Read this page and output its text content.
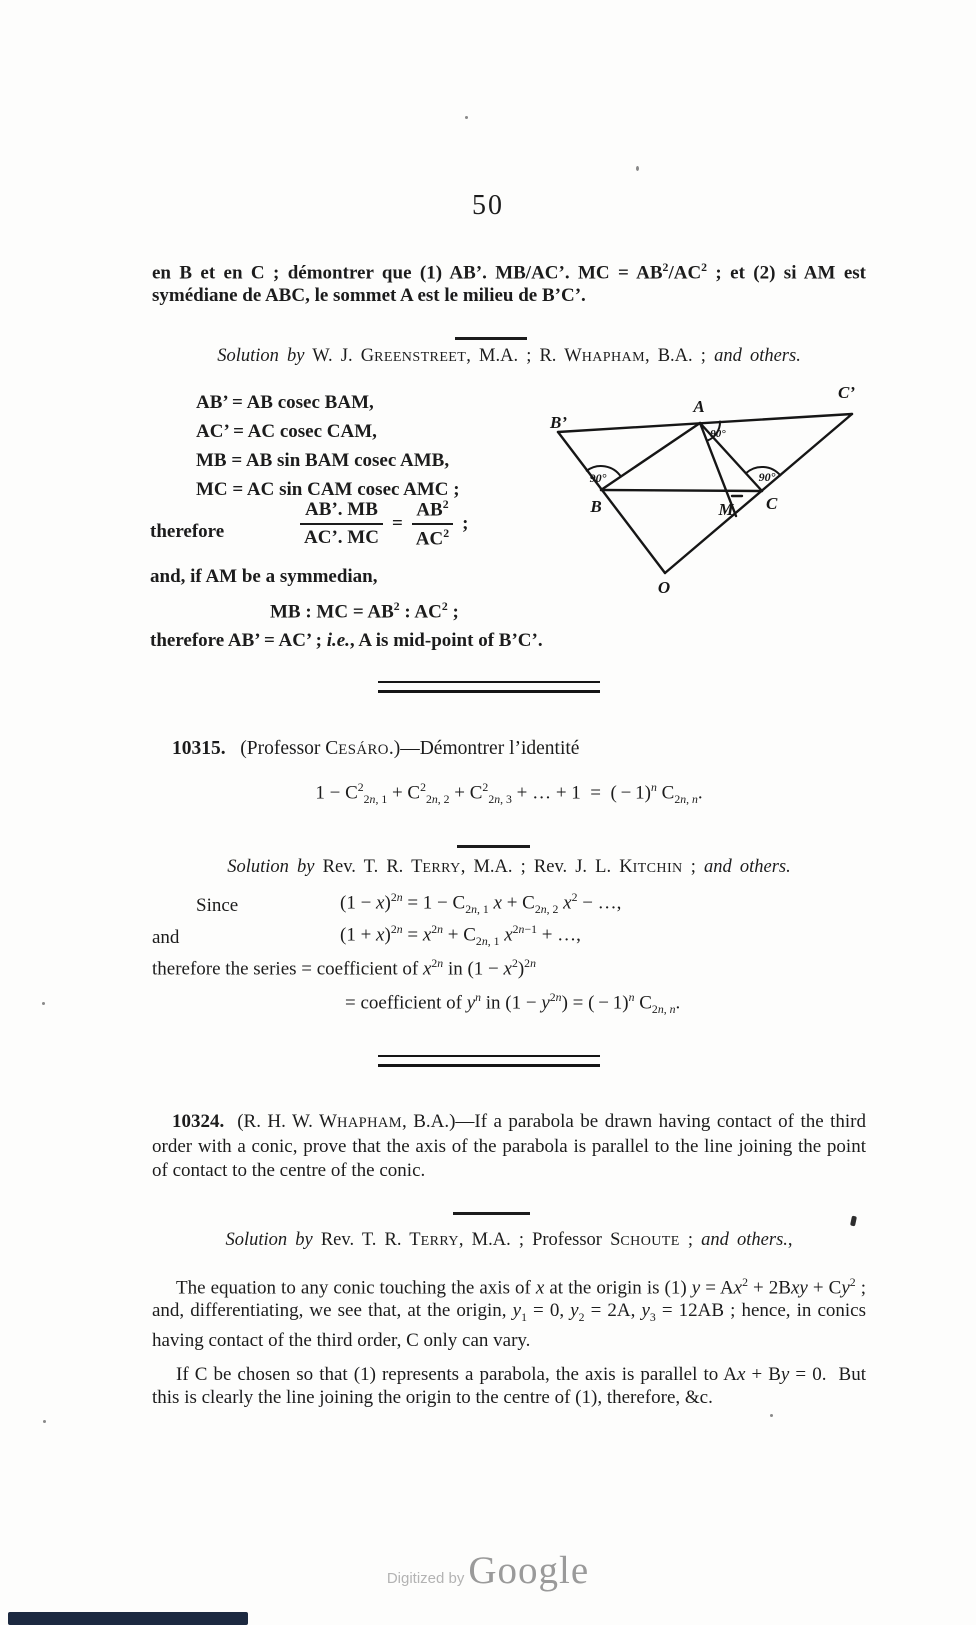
50
en B et en C ; démontrer que (1) AB’. MB/AC’. MC = $AB^2/AC^2$ ; et (2) si AM est symédiane de ABC, le sommet A est le milieu de B’C’.
Solution by W. J. GREENSTREET, M.A. ; R. WHAPHAM, B.A. ; and others.
AB’ = AB cosec BAM,
AC’ = AC cosec CAM,
MB = AB sin BAM cosec AMB,
MC = AC sin CAM cosec AMC ;
therefore	$\frac{AB’. MB}{AC’. MC} = \frac{AB^2}{AC^2}$ ;
and, if AM be a symmedian,
MB : MC = $AB^2$ : $AC^2$ ;
therefore AB’ = AC’ ; i.e., A is mid-point of B’C’.
B’
C’
A
B	C
M
O
90°	90°
90°
10315. (Professor CESÁRO.)—Démontrer l’identité
$1 - C^2_{2n, 1} + C^2_{2n, 2} + C^2_{2n, 3}$ + … + 1  =  ( − 1)$^n$ $C_{2n, n}$.
Solution by Rev. T. R. TERRY, M.A. ; Rev. J. L. KITCHIN ; and others.
Since	$(1 - x)^{2n} = 1 - C_{2n, 1}$ $x + C_{2n, 2}$ $x^2$ − …,
and	$(1 + x)^{2n} = x^{2n} + C_{2n, 1}$ $x^{2n-1}$ + …,
therefore the series = coefficient of $x^{2n}$ in $(1 - x^2)^{2n}$
= coefficient of $y^n$ in $(1 - y^{2n})$ = ( − 1)$^n$ $C_{2n, n}$.
10324. (R. H. W. WHAPHAM, B.A.)—If a parabola be drawn having contact of the third order with a conic, prove that the axis of the parabola is parallel to the line joining the point of contact to the centre of the conic.
Solution by Rev. T. R. TERRY, M.A. ; Professor SCHOUTE ; and others.,
The equation to any conic touching the axis of x at the origin is (1) $y = Ax^2 + 2Bxy + Cy^2$ ; and, differentiating, we see that, at the origin, $y_1 = 0$, $y_2 = 2A$, $y_3 = 12AB$ ; hence, in conics having contact of the third order, C only can vary.
If C be chosen so that (1) represents a parabola, the axis is parallel to Ax + By = 0.  But this is clearly the line joining the origin to the centre of (1), therefore, &c.
Digitized by Google
